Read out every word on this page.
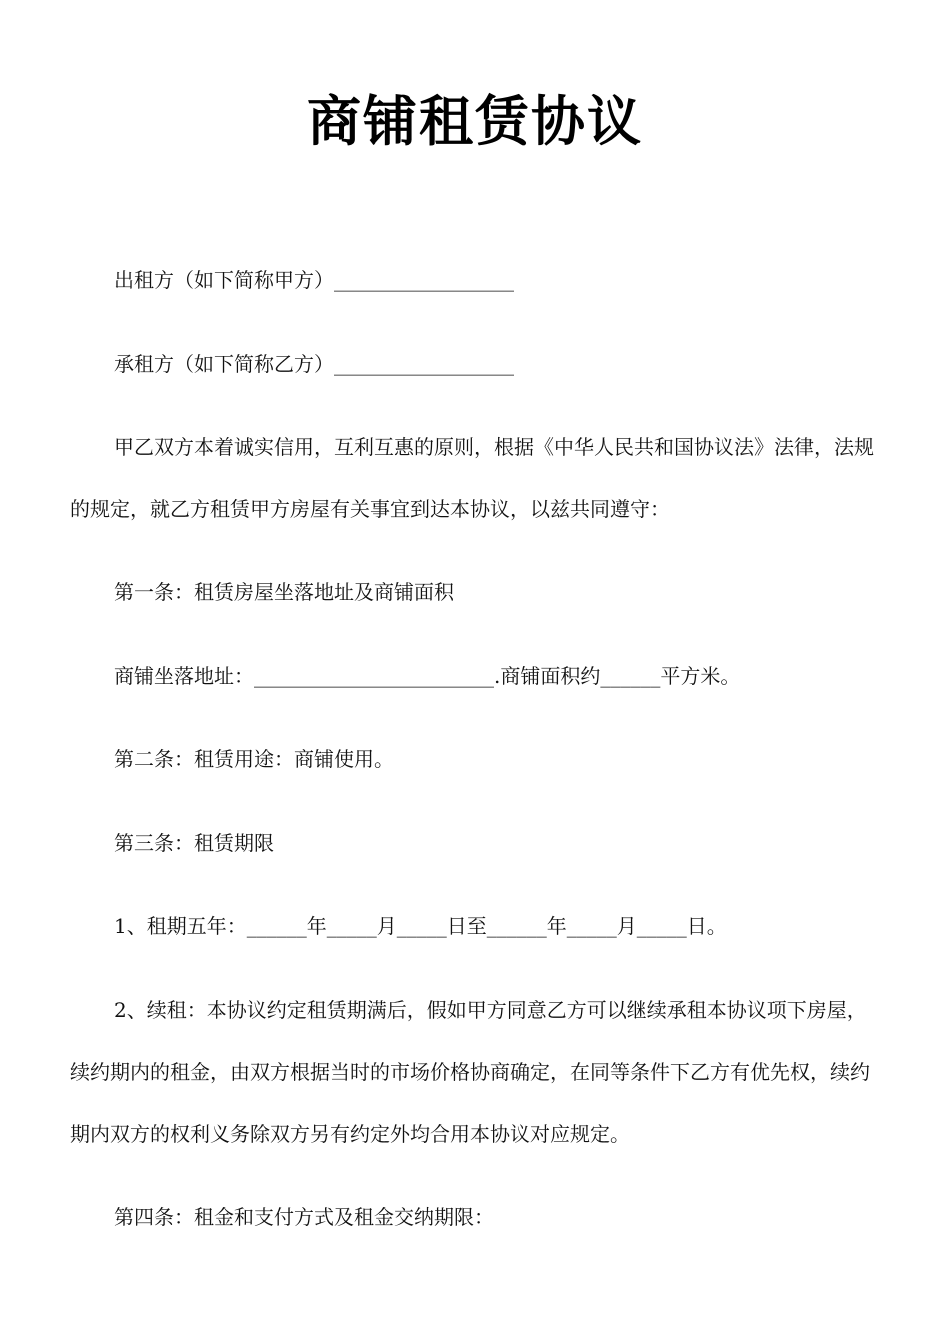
商铺租赁协议
出租方（如下简称甲方）__________________
承租方（如下简称乙方）__________________
甲乙双方本着诚实信用，互利互惠的原则，根据《中华人民共和国协议法》法律，法规的规定，就乙方租赁甲方房屋有关事宜到达本协议，以兹共同遵守：
第一条：租赁房屋坐落地址及商铺面积
商铺坐落地址：________________________.商铺面积约______平方米。
第二条：租赁用途：商铺使用。
第三条：租赁期限
1、租期五年：______年_____月_____日至______年_____月_____日。
2、续租：本协议约定租赁期满后，假如甲方同意乙方可以继续承租本协议项下房屋，续约期内的租金，由双方根据当时的市场价格协商确定，在同等条件下乙方有优先权，续约期内双方的权利义务除双方另有约定外均合用本协议对应规定。
第四条：租金和支付方式及租金交纳期限：
